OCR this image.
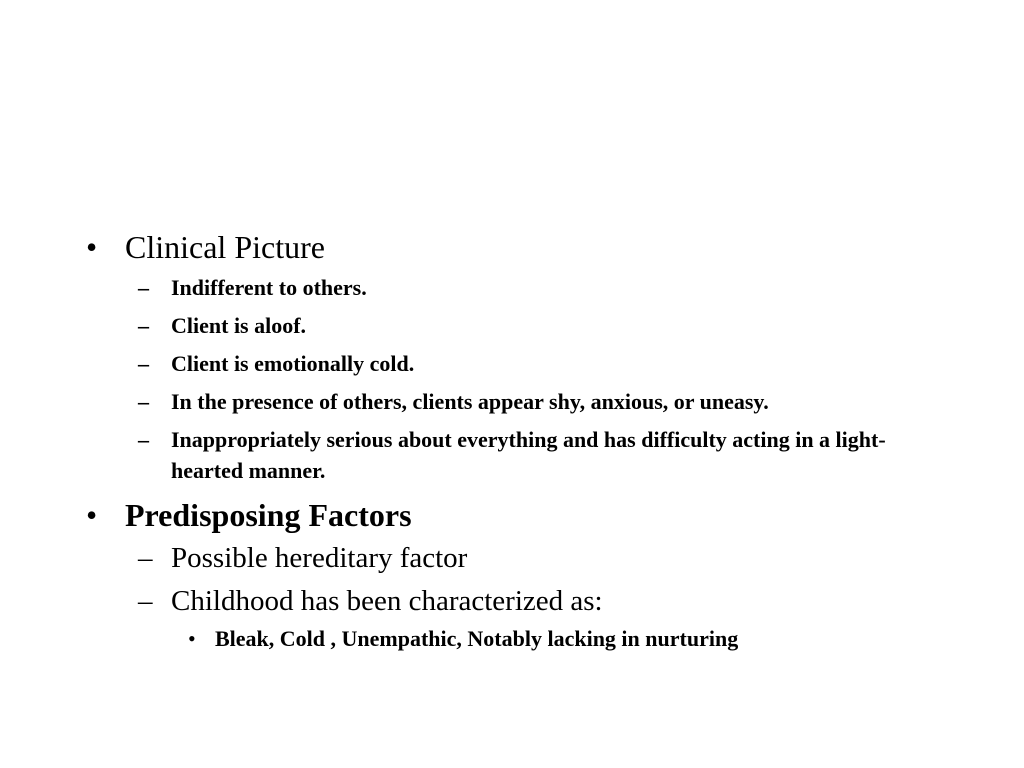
• Clinical Picture
–	Indifferent to others.
–	Client is aloof.
–	Client is emotionally cold.
–	In the presence of others, clients appear shy, anxious, or uneasy.
–	Inappropriately serious about everything and has difficulty acting in a light-hearted manner.
• Predisposing Factors
– Possible hereditary factor
– Childhood has been characterized as:
• Bleak, Cold , Unempathic, Notably lacking in nurturing
